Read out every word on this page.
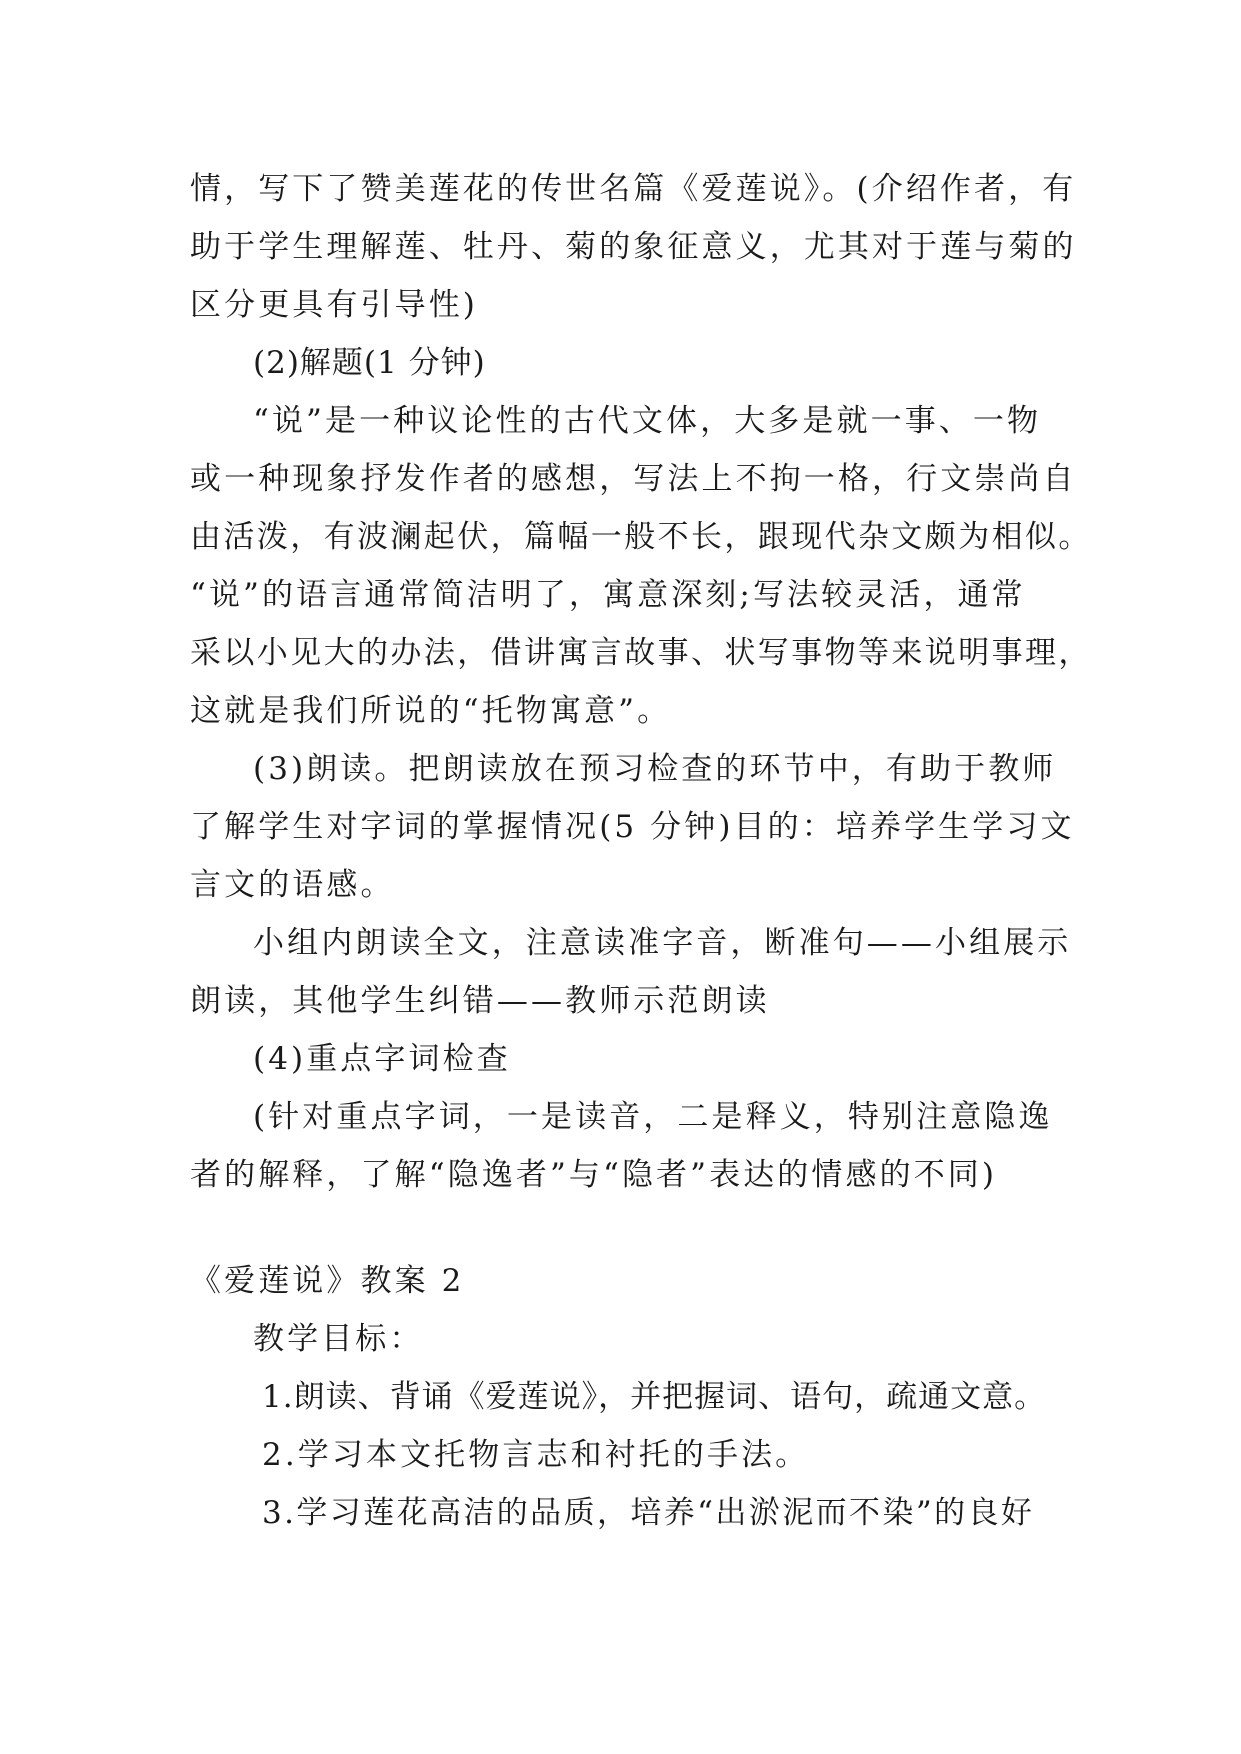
情，写下了赞美莲花的传世名篇《爱莲说》。(介绍作者，有

助于学生理解莲、牡丹、菊的象征意义，尤其对于莲与菊的

区分更具有引导性)

(2)解题(1 分钟)

“说”是一种议论性的古代文体，大多是就一事、一物

或一种现象抒发作者的感想，写法上不拘一格，行文崇尚自

由活泼，有波澜起伏，篇幅一般不长，跟现代杂文颇为相似。

“说”的语言通常简洁明了，寓意深刻;写法较灵活，通常

采以小见大的办法，借讲寓言故事、状写事物等来说明事理，

这就是我们所说的“托物寓意”。

(3)朗读。把朗读放在预习检查的环节中，有助于教师

了解学生对字词的掌握情况(5 分钟)目的：培养学生学习文

言文的语感。

小组内朗读全文，注意读准字音，断准句——小组展示

朗读，其他学生纠错——教师示范朗读

(4)重点字词检查

(针对重点字词，一是读音，二是释义，特别注意隐逸

者的解释，了解“隐逸者”与“隐者”表达的情感的不同)

《爱莲说》教案 2

教学目标：

1.朗读、背诵《爱莲说》，并把握词、语句，疏通文意。

2.学习本文托物言志和衬托的手法。

3.学习莲花高洁的品质，培养“出淤泥而不染”的良好
